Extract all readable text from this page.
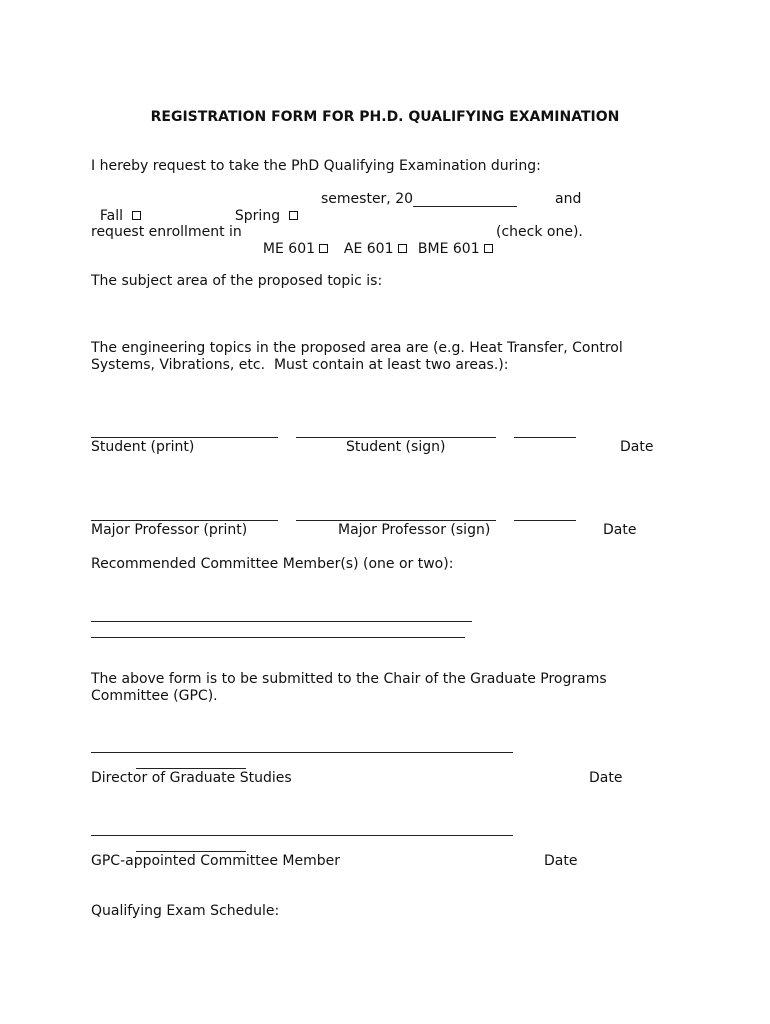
REGISTRATION FORM FOR PH.D. QUALIFYING EXAMINATION
I hereby request to take the PhD Qualifying Examination during:

Fall	Spring

semester, 20	and
request enrollment in

ME 601	AE 601	BME 601

(check one).
The subject area of the proposed topic is:
The engineering topics in the proposed area are (e.g. Heat Transfer, Control
Systems, Vibrations, etc.  Must contain at least two areas.):
Student (print)	Student (sign)	Date
Major Professor (print)	Major Professor (sign)	Date
Recommended Committee Member(s) (one or two):
The above form is to be submitted to the Chair of the Graduate Programs
Committee (GPC).
Director of Graduate Studies	Date
GPC-appointed Committee Member	Date
Qualifying Exam Schedule:
